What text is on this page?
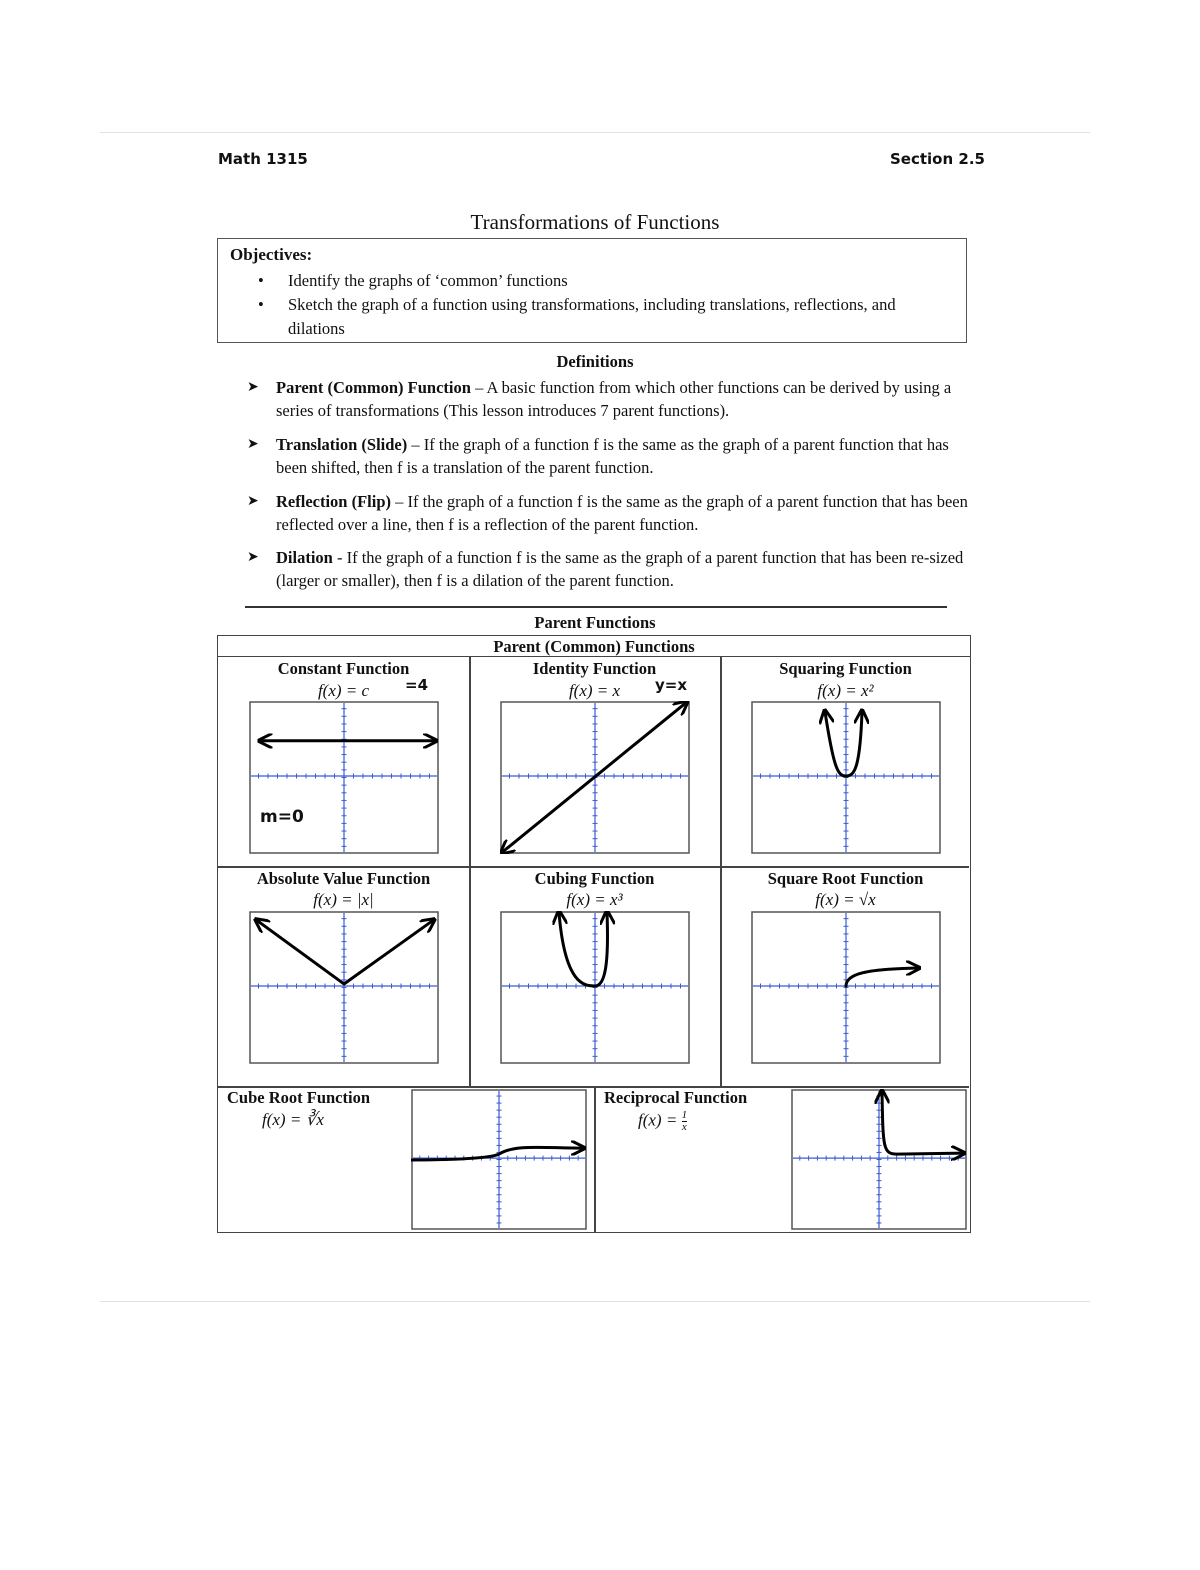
Math 1315	Section 2.5
Transformations of Functions
Objectives:
• Identify the graphs of ‘common’ functions
• Sketch the graph of a function using transformations, including translations, reflections, and dilations
Definitions
➤ Parent (Common) Function – A basic function from which other functions can be derived by using a series of transformations (This lesson introduces 7 parent functions).
➤ Translation (Slide) – If the graph of a function f is the same as the graph of a parent function that has been shifted, then f is a translation of the parent function.
➤ Reflection (Flip) – If the graph of a function f is the same as the graph of a parent function that has been reflected over a line, then f is a reflection of the parent function.
➤ Dilation - If the graph of a function f is the same as the graph of a parent function that has been re-sized (larger or smaller), then f is a dilation of the parent function.
Parent Functions
Parent (Common) Functions
Constant Function
f(x) = c	=4
m=0
Identity Function
f(x) = x	y=x
Squaring Function
f(x) = x²
Absolute Value Function
f(x) = |x|
Cubing Function
f(x) = x³
Square Root Function
f(x) = √x
Cube Root Function
f(x) = ∛x
Reciprocal Function
$f(x) = \frac{1}{x}$
